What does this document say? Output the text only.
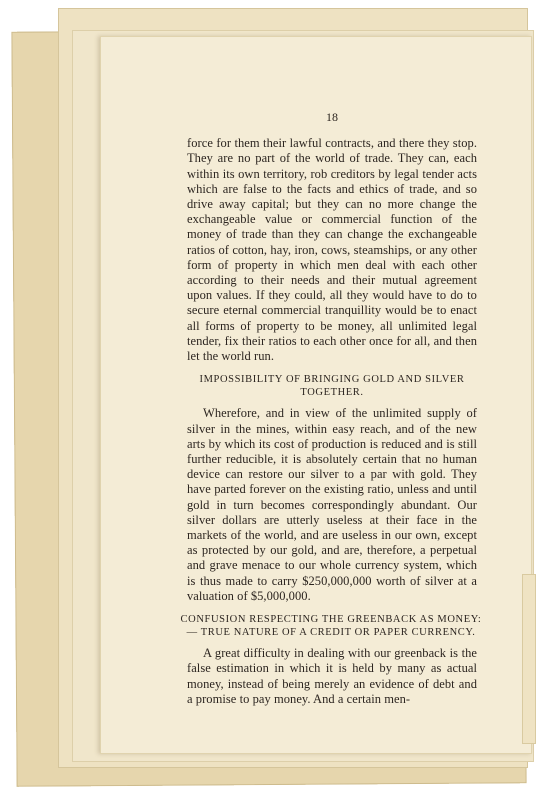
18

force for them their lawful contracts, and there they stop. They are no part of the world of trade. They can, each within its own territory, rob creditors by legal tender acts which are false to the facts and ethics of trade, and so drive away capital; but they can no more change the exchangeable value or commercial function of the money of trade than they can change the exchangeable ratios of cotton, hay, iron, cows, steamships, or any other form of property in which men deal with each other according to their needs and their mutual agreement upon values. If they could, all they would have to do to secure eternal commercial tranquillity would be to enact all forms of property to be money, all unlimited legal tender, fix their ratios to each other once for all, and then let the world run.

IMPOSSIBILITY OF BRINGING GOLD AND SILVER TOGETHER.

Wherefore, and in view of the unlimited supply of silver in the mines, within easy reach, and of the new arts by which its cost of production is reduced and is still further reducible, it is absolutely certain that no human device can restore our silver to a par with gold. They have parted forever on the existing ratio, unless and until gold in turn becomes correspondingly abundant. Our silver dollars are utterly useless at their face in the markets of the world, and are useless in our own, except as protected by our gold, and are, therefore, a perpetual and grave menace to our whole currency system, which is thus made to carry $250,000,000 worth of silver at a valuation of $5,000,000.

CONFUSION RESPECTING THE GREENBACK AS MONEY:— TRUE NATURE OF A CREDIT OR PAPER CURRENCY.

A great difficulty in dealing with our greenback is the false estimation in which it is held by many as actual money, instead of being merely an evidence of debt and a promise to pay money. And a certain men-
